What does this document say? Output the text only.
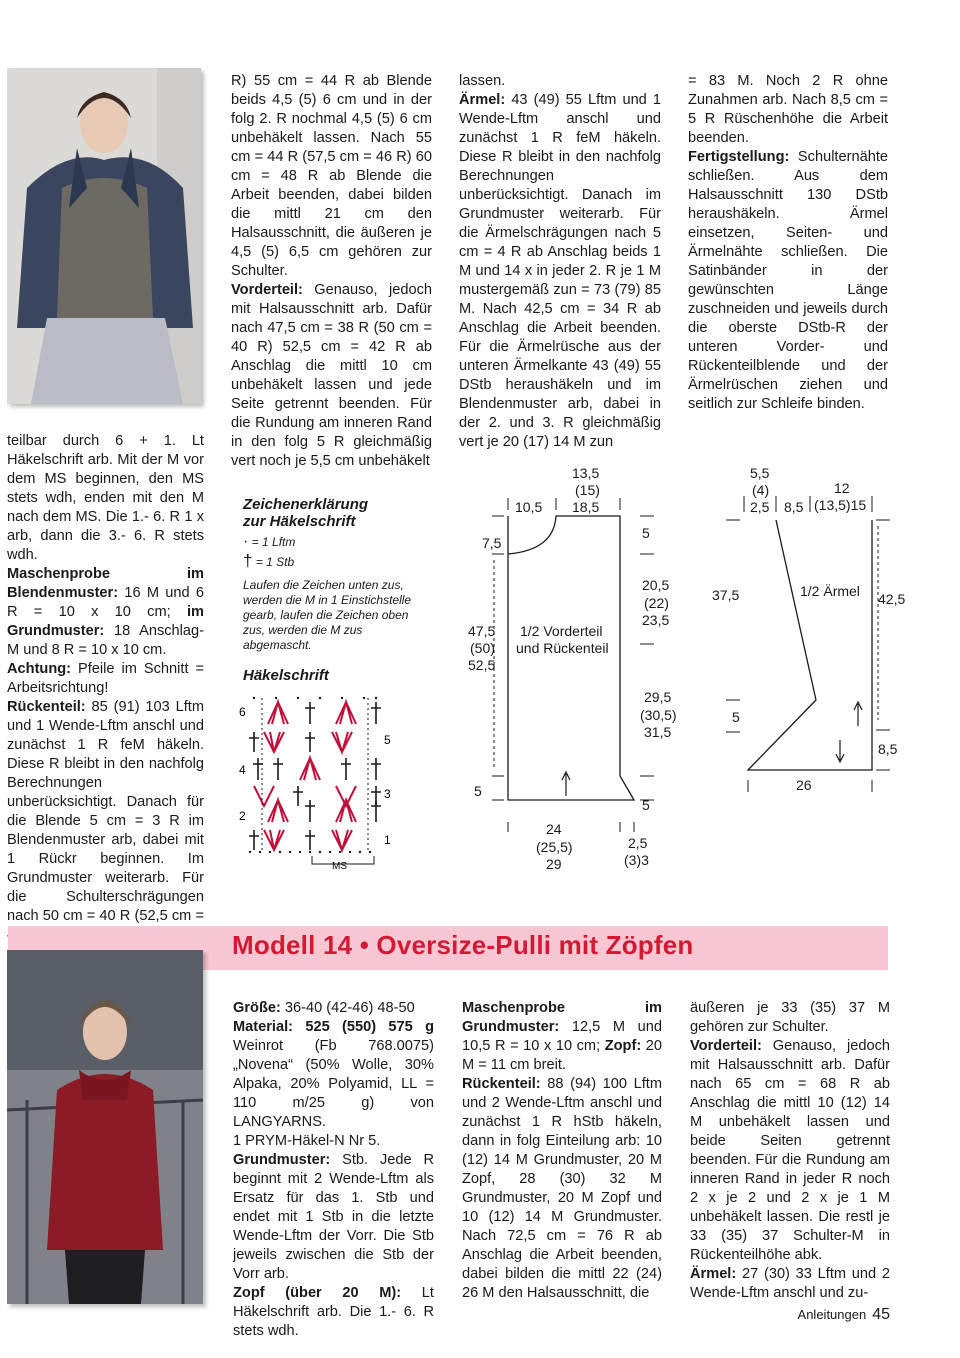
teilbar durch 6 + 1. Lt Häkelschrift arb. Mit der M vor dem MS beginnen, den MS stets wdh, enden mit den M nach dem MS. Die 1.- 6. R 1 x arb, dann die 3.- 6. R stets wdh.

Maschenprobe im Blendenmuster: 16 M und 6 R = 10 x 10 cm; im Grundmuster: 18 Anschlag-M und 8 R = 10 x 10 cm.

Achtung: Pfeile im Schnitt = Arbeitsrichtung!

Rückenteil: 85 (91) 103 Lftm und 1 Wende-Lftm anschl und zunächst 1 R feM häkeln. Diese R bleibt in den nachfolg Berechnungen unberücksichtigt. Danach für die Blende 5 cm = 3 R im Blendenmuster arb, dabei mit 1 Rückr beginnen. Im Grundmuster weiterarb. Für die Schulterschrägungen nach 50 cm = 40 R (52,5 cm =

R) 55 cm = 44 R ab Blende beids 4,5 (5) 6 cm und in der folg 2. R nochmal 4,5 (5) 6 cm unbehäkelt lassen. Nach 55 cm = 44 R (57,5 cm = 46 R) 60 cm = 48 R ab Blende die Arbeit beenden, dabei bilden die mittl 21 cm den Halsausschnitt, die äußeren je 4,5 (5) 6,5 cm gehören zur Schulter.

Vorderteil: Genauso, jedoch mit Halsausschnitt arb. Dafür nach 47,5 cm = 38 R (50 cm = 40 R) 52,5 cm = 42 R ab Anschlag die mittl 10 cm unbehäkelt lassen und jede Seite getrennt beenden. Für die Rundung am inneren Rand in den folg 5 R gleichmäßig vert noch je 5,5 cm unbehäkelt

Zeichenerklärung
zur Häkelschrift
· = 1 Lftm
† = 1 Stb
Laufen die Zeichen unten zus, werden die M in 1 Einstichstelle gearb, laufen die Zeichen oben zus, werden die M zus abgemascht.
Häkelschrift
6
5
4
3
2
1
MS

lassen.

Ärmel: 43 (49) 55 Lftm und 1 Wende-Lftm anschl und zunächst 1 R feM häkeln. Diese R bleibt in den nachfolg Berechnungen unberücksichtigt. Danach im Grundmuster weiterarb. Für die Ärmelschrägungen nach 5 cm = 4 R ab Anschlag beids 1 M und 14 x in jeder 2. R je 1 M mustergemäß zun = 73 (79) 85 M. Nach 42,5 cm = 34 R ab Anschlag die Arbeit beenden. Für die Ärmelrüsche aus der unteren Ärmelkante 43 (49) 55 DStb heraushäkeln und im Blendenmuster arb, dabei in der 2. und 3. R gleichmäßig vert je 20 (17) 14 M zun

= 83 M. Noch 2 R ohne Zunahmen arb. Nach 8,5 cm = 5 R Rüschenhöhe die Arbeit beenden.

Fertigstellung: Schulternähte schließen. Aus dem Halsausschnitt 130 DStb heraushäkeln. Ärmel einsetzen, Seiten- und Ärmelnähte schließen. Die Satinbänder in der gewünschten Länge zuschneiden und jeweils durch die oberste DStb-R der unteren Vorder- und Rückenteilblende und der Ärmelrüschen ziehen und seitlich zur Schleife binden.

13,5
(15)
10,5 18,5
7,5
5
20,5
(22)
23,5
47,5
(50)
52,5
1/2 Vorderteil
und Rückenteil
29,5
(30,5)
31,5
5
5
24
(25,5)
29
2,5
(3)3
5,5
(4)
2,5 8,5
12
(13,5)15
37,5	1/2 Ärmel 42,5
5
8,5
26
Modell 14 • Oversize-Pulli mit Zöpfen

Größe: 36-40 (42-46) 48-50

Material: 525 (550) 575 g Weinrot (Fb 768.0075) „Novena“ (50% Wolle, 30% Alpaka, 20% Polyamid, LL = 110 m/25 g) von LANGYARNS.

1 PRYM-Häkel-N Nr 5.

Grundmuster: Stb. Jede R beginnt mit 2 Wende-Lftm als Ersatz für das 1. Stb und endet mit 1 Stb in die letzte Wende-Lftm der Vorr. Die Stb jeweils zwischen die Stb der Vorr arb.

Zopf (über 20 M): Lt Häkelschrift arb. Die 1.- 6. R stets wdh.

Maschenprobe im Grundmuster: 12,5 M und 10,5 R = 10 x 10 cm; Zopf: 20 M = 11 cm breit.

Rückenteil: 88 (94) 100 Lftm und 2 Wende-Lftm anschl und zunächst 1 R hStb häkeln, dann in folg Einteilung arb: 10 (12) 14 M Grundmuster, 20 M Zopf, 28 (30) 32 M Grundmuster, 20 M Zopf und 10 (12) 14 M Grundmuster. Nach 72,5 cm = 76 R ab Anschlag die Arbeit beenden, dabei bilden die mittl 22 (24) 26 M den Halsausschnitt, die

äußeren je 33 (35) 37 M gehören zur Schulter.

Vorderteil: Genauso, jedoch mit Halsausschnitt arb. Dafür nach 65 cm = 68 R ab Anschlag die mittl 10 (12) 14 M unbehäkelt lassen und beide Seiten getrennt beenden. Für die Rundung am inneren Rand in jeder R noch 2 x je 2 und 2 x je 1 M unbehäkelt lassen. Die restl je 33 (35) 37 Schulter-M in Rückenteilhöhe abk.

Ärmel: 27 (30) 33 Lftm und 2 Wende-Lftm anschl und zu-

Anleitungen 45
